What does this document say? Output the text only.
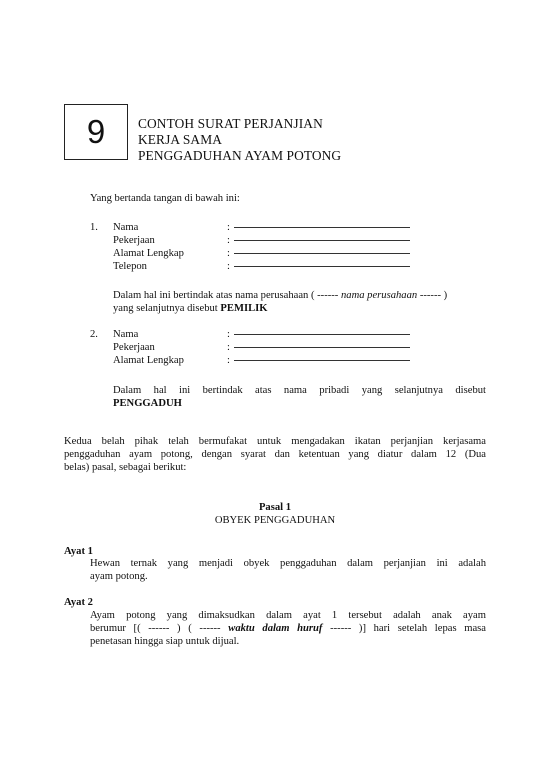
9	CONTOH SURAT PERJANJIAN
KERJA SAMA
PENGGADUHAN AYAM POTONG
Yang bertanda tangan di bawah ini:
1.	Nama	:
Pekerjaan	:
Alamat Lengkap	:
Telepon	:
Dalam hal ini bertindak atas nama perusahaan ( ------ nama perusahaan ------ )
yang selanjutnya disebut PEMILIK
2.	Nama	:
Pekerjaan	:
Alamat Lengkap	:
Dalam hal ini bertindak atas nama pribadi yang selanjutnya disebut
PENGGADUH
Kedua belah pihak telah bermufakat untuk mengadakan ikatan perjanjian kerjasama
penggaduhan ayam potong, dengan syarat dan ketentuan yang diatur dalam 12 (Dua
belas) pasal, sebagai berikut:
Pasal 1
OBYEK PENGGADUHAN
Ayat 1
Hewan ternak yang menjadi obyek penggaduhan dalam perjanjian ini adalah
ayam potong.
Ayat 2
Ayam potong yang dimaksudkan dalam ayat 1 tersebut adalah anak ayam
berumur [( ------ ) ( ------ waktu dalam huruf ------ )] hari setelah lepas masa
penetasan hingga siap untuk dijual.
